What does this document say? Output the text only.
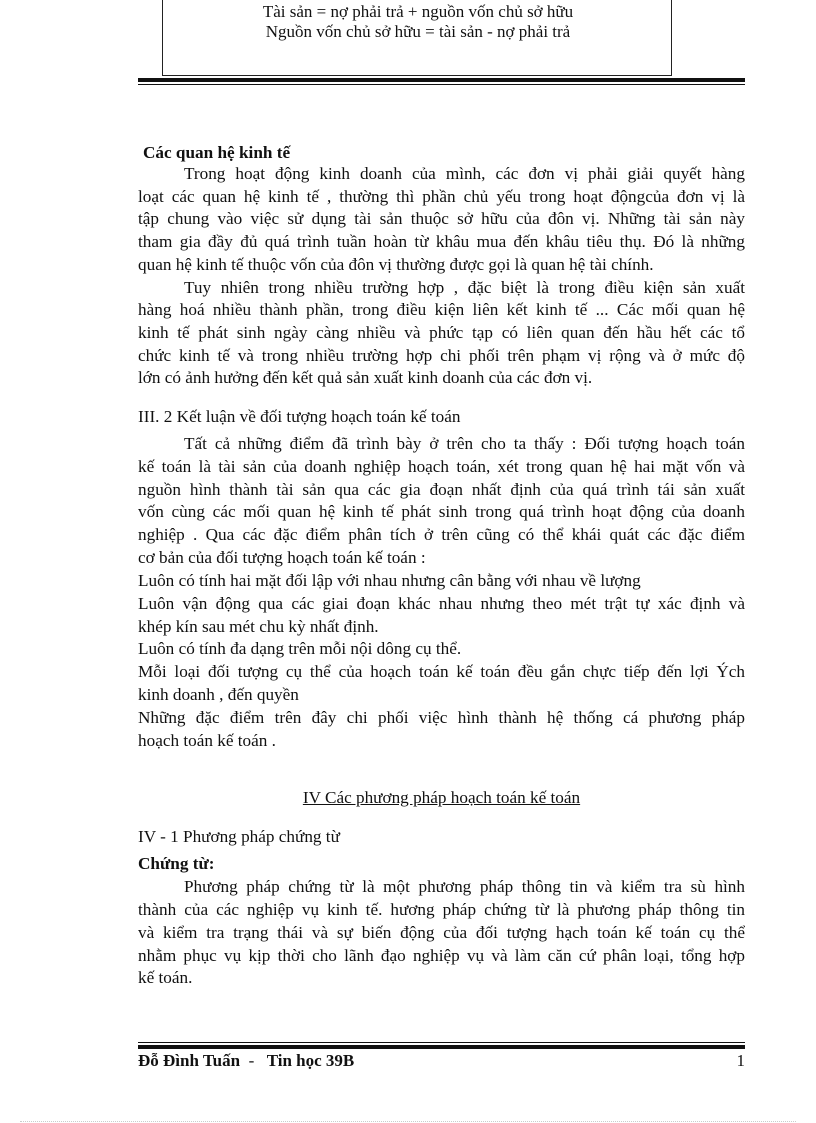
Tài sản = nợ phải trả + nguồn vốn chủ sở hữu
Nguồn vốn chủ sở hữu = tài sản - nợ phải trả
Các quan hệ kinh tế
Trong hoạt động kinh doanh của mình, các đơn vị phải giải quyết hàng
loạt các quan hệ kinh tế , thường thì phần chủ yếu trong hoạt độngcủa đơn vị là
tập chung vào việc sử dụng tài sản thuộc sở hữu của đôn vị. Những tài sản này
tham gia đầy đủ quá trình tuần hoàn từ khâu mua đến khâu tiêu thụ. Đó là những
quan hệ kinh tế thuộc vốn của đôn vị thường được gọi là quan hệ tài chính.
Tuy nhiên trong nhiều trường hợp , đặc biệt là trong điều kiện sản xuất
hàng hoá nhiều thành phần, trong điều kiện liên kết kinh tế ... Các mối quan hệ
kinh tế phát sinh ngày càng nhiều và phức tạp có liên quan đến hầu hết các tổ
chức kinh tế và trong nhiều trường hợp chi phối trên phạm vị rộng và ở mức độ
lớn có ảnh hưởng đến kết quả sản xuất kinh doanh của các đơn vị.
III. 2 Kết luận về đối tượng hoạch toán kế toán
Tất cả những điểm đã trình bày ở trên cho ta thấy : Đối tượng hoạch toán
kế toán là tài sản của doanh nghiệp hoạch toán, xét trong quan hệ hai mặt vốn và
nguồn hình thành tài sản qua các gia đoạn nhất định của quá trình tái sản xuất
vốn cùng các mối quan hệ kinh tế phát sinh trong quá trình hoạt động của doanh
nghiệp . Qua các đặc điểm phân tích ở trên cũng có thể khái quát các đặc điểm
cơ bản của đối tượng hoạch toán kế toán :
Luôn có tính hai mặt đối lập với nhau nhưng cân bằng với nhau về lượng
Luôn vận động qua các giai đoạn khác nhau nhưng theo mét trật tự xác định và
khép kín sau mét chu kỳ nhất định.
Luôn có tính đa dạng trên mỗi nội dông cụ thể.
Mỗi loại đối tượng cụ thể của hoạch toán kế toán đều gắn chực tiếp đến lợi Ých
kinh doanh , đến quyền
Những đặc điểm trên đây chi phối việc hình thành hệ thống cá phương pháp
hoạch toán kế toán .
IV Các phương pháp hoạch toán kế toán
IV - 1 Phương pháp chứng từ
Chứng từ:
Phương pháp chứng từ là một phương pháp thông tin và kiểm tra sù hình
thành của các nghiệp vụ kinh tế. hương pháp chứng từ là phương pháp thông tin
và kiểm tra trạng thái và sự biến động của đối tượng hạch toán kế toán cụ thể
nhằm phục vụ kịp thời cho lãnh đạo nghiệp vụ và làm căn cứ phân loại, tổng hợp
kế toán.
Đỗ Đình Tuấn - Tin học 39B	1
